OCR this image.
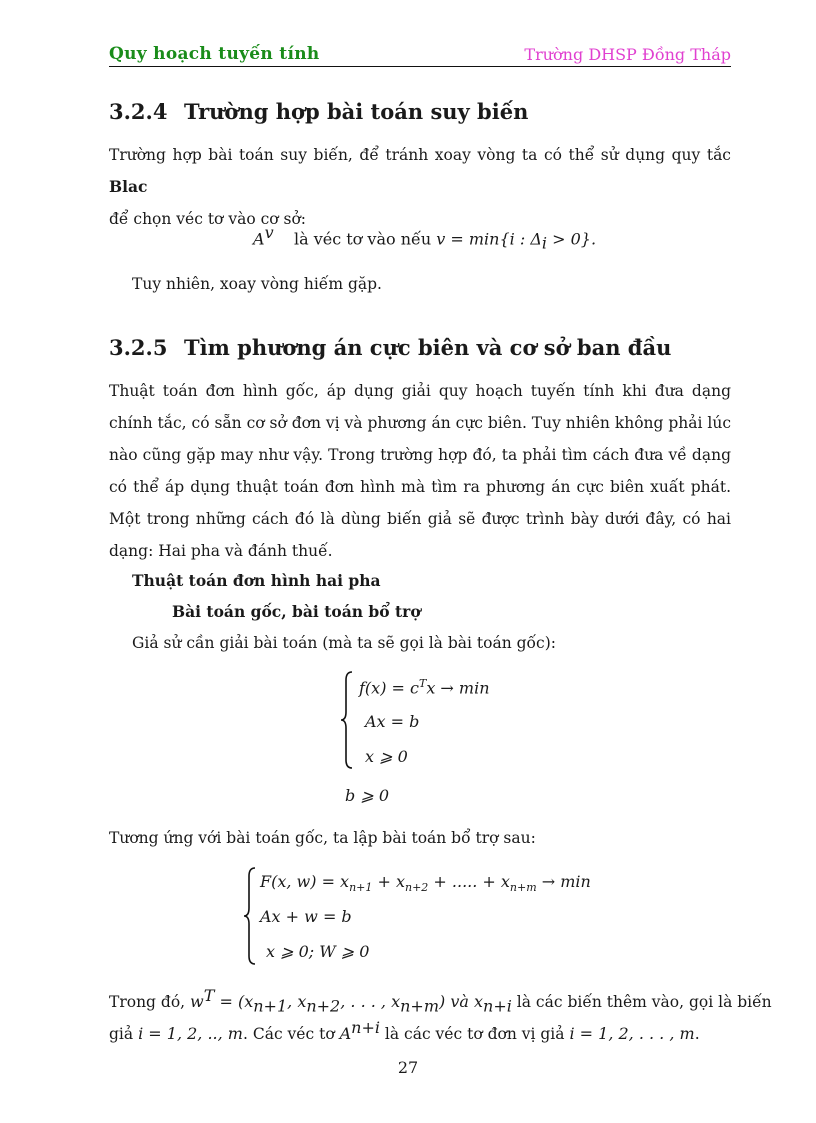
Quy hoạch tuyến tính	Trường DHSP Đồng Tháp
3.2.4 Trường hợp bài toán suy biến
Trường hợp bài toán suy biến, để tránh xoay vòng ta có thể sử dụng quy tắc Blac
để chọn véc tơ vào cơ sở:
$A^v$ là véc tơ vào nếu v = min{i : $\Delta_i > 0$}.
Tuy nhiên, xoay vòng hiếm gặp.
3.2.5 Tìm phương án cực biên và cơ sở ban đầu
Thuật toán đơn hình gốc, áp dụng giải quy hoạch tuyến tính khi đưa dạng chính tắc, có sẵn cơ sở đơn vị và phương án cực biên. Tuy nhiên không phải lúc nào cũng gặp may như vậy. Trong trường hợp đó, ta phải tìm cách đưa về dạng có thể áp dụng thuật toán đơn hình mà tìm ra phương án cực biên xuất phát. Một trong những cách đó là dùng biến giả sẽ được trình bày dưới đây, có hai dạng: Hai pha và đánh thuế.
Thuật toán đơn hình hai pha
Bài toán gốc, bài toán bổ trợ
Giả sử cần giải bài toán (mà ta sẽ gọi là bài toán gốc):
$f(x) = c^Tx \to \min$
Ax = b
x ⩾ 0
b ⩾ 0
Tương ứng với bài toán gốc, ta lập bài toán bổ trợ sau:
F(x, $w) = x_{n+1} + x_{n+2}$ + ..... + $x_{n+m} \to \min$
Ax + w = b
x ⩾ 0; W ⩾ 0
Trong đó, $w^T = (x_{n+1}$, $x_{n+2}$, . . . , $x_{n+m}$) và $x_{n+i}$ là các biến thêm vào, gọi là biến
giả i = 1, 2, .., m. Các véc tơ $A^{n+i}$ là các véc tơ đơn vị giả i = 1, 2, . . . , m.
27
